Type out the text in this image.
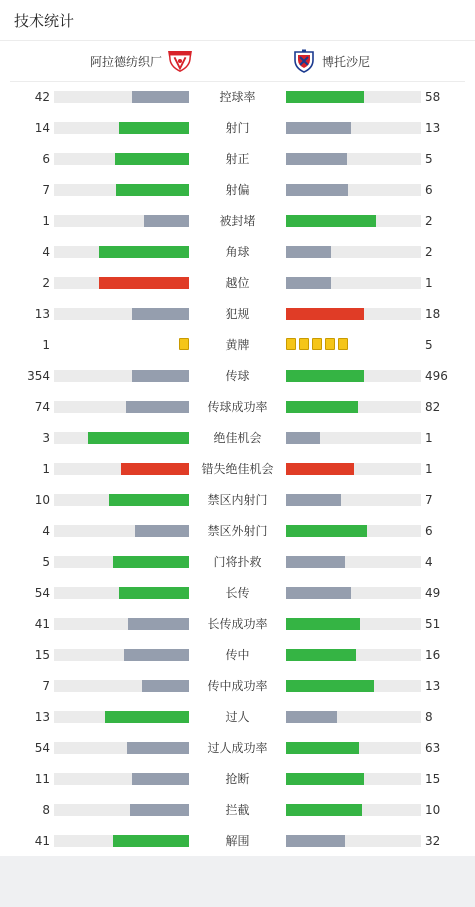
技术统计
阿拉德纺织厂	博托沙尼
42	控球率	58
14	射门	13
6	射正	5
7	射偏	6
1	被封堵	2
4	角球	2
2	越位	1
13	犯规	18
1	黄牌	5
354	传球	496
74	传球成功率	82
3	绝佳机会	1
1	错失绝佳机会	1
10	禁区内射门	7
4	禁区外射门	6
5	门将扑救	4
54	长传	49
41	长传成功率	51
15	传中	16
7	传中成功率	13
13	过人	8
54	过人成功率	63
11	抢断	15
8	拦截	10
41	解围	32
